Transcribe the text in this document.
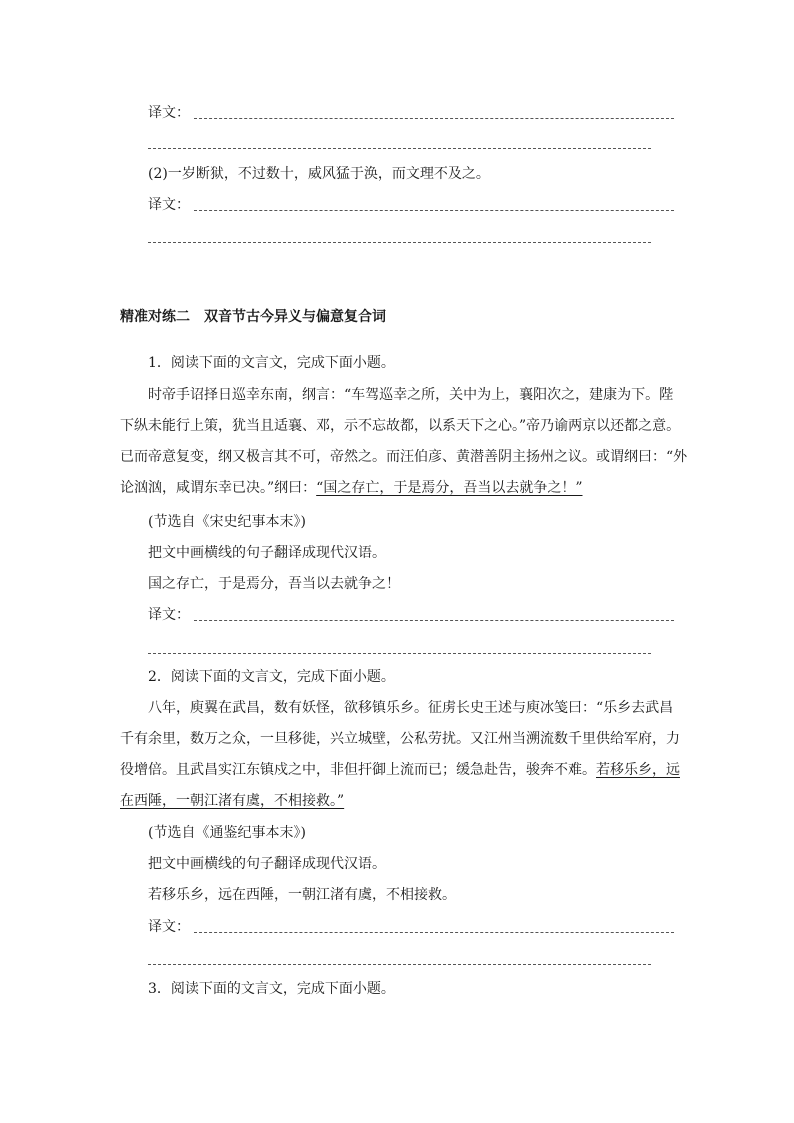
译文：
(2)一岁断狱，不过数十，威风猛于涣，而文理不及之。
译文：
精准对练二　双音节古今异义与偏意复合词
1．阅读下面的文言文，完成下面小题。
时帝手诏择日巡幸东南，纲言：“车驾巡幸之所，关中为上，襄阳次之，建康为下。陛
下纵未能行上策，犹当且适襄、邓，示不忘故都，以系天下之心。”帝乃谕两京以还都之意。
已而帝意复变，纲又极言其不可，帝然之。而汪伯彦、黄潜善阴主扬州之议。或谓纲曰：“外
论汹汹，咸谓东幸已决。”纲曰：“国之存亡，于是焉分，吾当以去就争之！”
(节选自《宋史纪事本末》)
把文中画横线的句子翻译成现代汉语。
国之存亡，于是焉分，吾当以去就争之！
译文：
2．阅读下面的文言文，完成下面小题。
八年，庾翼在武昌，数有妖怪，欲移镇乐乡。征虏长史王述与庾冰笺曰：“乐乡去武昌
千有余里，数万之众，一旦移徙，兴立城壁，公私劳扰。又江州当溯流数千里供给军府，力
役增倍。且武昌实江东镇戍之中，非但扞御上流而已；缓急赴告，骏奔不难。若移乐乡，远
在西陲，一朝江渚有虞，不相接救。”
(节选自《通鉴纪事本末》)
把文中画横线的句子翻译成现代汉语。
若移乐乡，远在西陲，一朝江渚有虞，不相接救。
译文：
3．阅读下面的文言文，完成下面小题。
